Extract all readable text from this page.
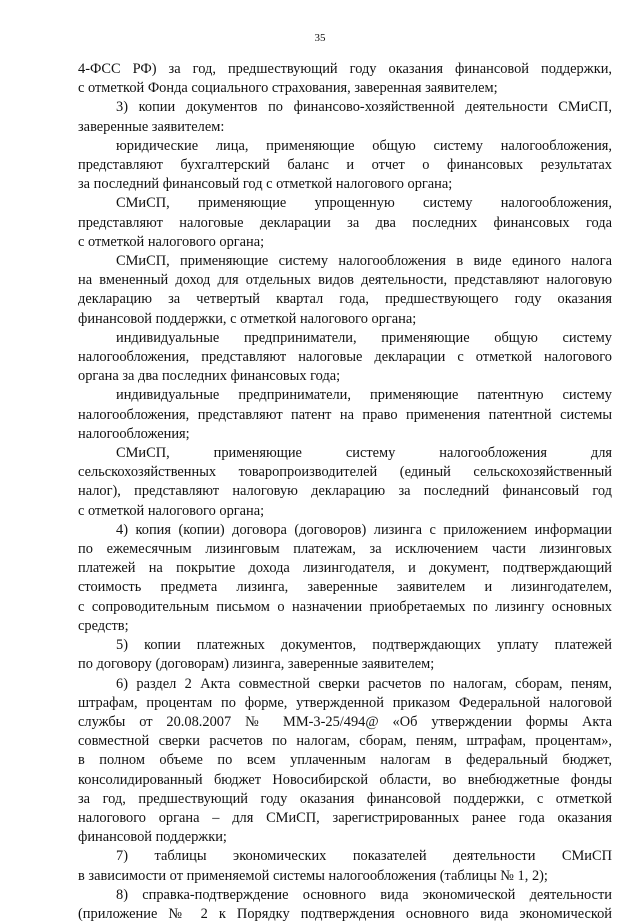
35

4-ФСС РФ) за год, предшествующий году оказания финансовой поддержки,

с отметкой Фонда социального страхования, заверенная заявителем;

3) копии документов по финансово-хозяйственной деятельности СМиСП,

заверенные заявителем:

юридические лица, применяющие общую систему налогообложения,

представляют бухгалтерский баланс и отчет о финансовых результатах

за последний финансовый год с отметкой налогового органа;

СМиСП, применяющие упрощенную систему налогообложения,

представляют налоговые декларации за два последних финансовых года

с отметкой налогового органа;

СМиСП, применяющие систему налогообложения в виде единого налога

на вмененный доход для отдельных видов деятельности, представляют налоговую

декларацию за четвертый квартал года, предшествующего году оказания

финансовой поддержки, с отметкой налогового органа;

индивидуальные предприниматели, применяющие общую систему

налогообложения, представляют налоговые декларации с отметкой налогового

органа за два последних финансовых года;

индивидуальные предприниматели, применяющие патентную систему

налогообложения, представляют патент на право применения патентной системы

налогообложения;

СМиСП, применяющие систему налогообложения для

сельскохозяйственных товаропроизводителей (единый сельскохозяйственный

налог), представляют налоговую декларацию за последний финансовый год

с отметкой налогового органа;

4) копия (копии) договора (договоров) лизинга с приложением информации

по ежемесячным лизинговым платежам, за исключением части лизинговых

платежей на покрытие дохода лизингодателя, и документ, подтверждающий

стоимость предмета лизинга, заверенные заявителем и лизингодателем,

с сопроводительным письмом о назначении приобретаемых по лизингу основных

средств;

5) копии платежных документов, подтверждающих уплату платежей

по договору (договорам) лизинга, заверенные заявителем;

6) раздел 2 Акта совместной сверки расчетов по налогам, сборам, пеням,

штрафам, процентам по форме, утвержденной приказом Федеральной налоговой

службы от 20.08.2007 № ММ-3-25/494@ «Об утверждении формы Акта

совместной сверки расчетов по налогам, сборам, пеням, штрафам, процентам»,

в полном объеме по всем уплаченным налогам в федеральный бюджет,

консолидированный бюджет Новосибирской области, во внебюджетные фонды

за год, предшествующий году оказания финансовой поддержки, с отметкой

налогового органа – для СМиСП, зарегистрированных ранее года оказания

финансовой поддержки;

7) таблицы экономических показателей деятельности СМиСП

в зависимости от применяемой системы налогообложения (таблицы № 1, 2);

8) справка-подтверждение основного вида экономической деятельности

(приложение № 2 к Порядку подтверждения основного вида экономической
